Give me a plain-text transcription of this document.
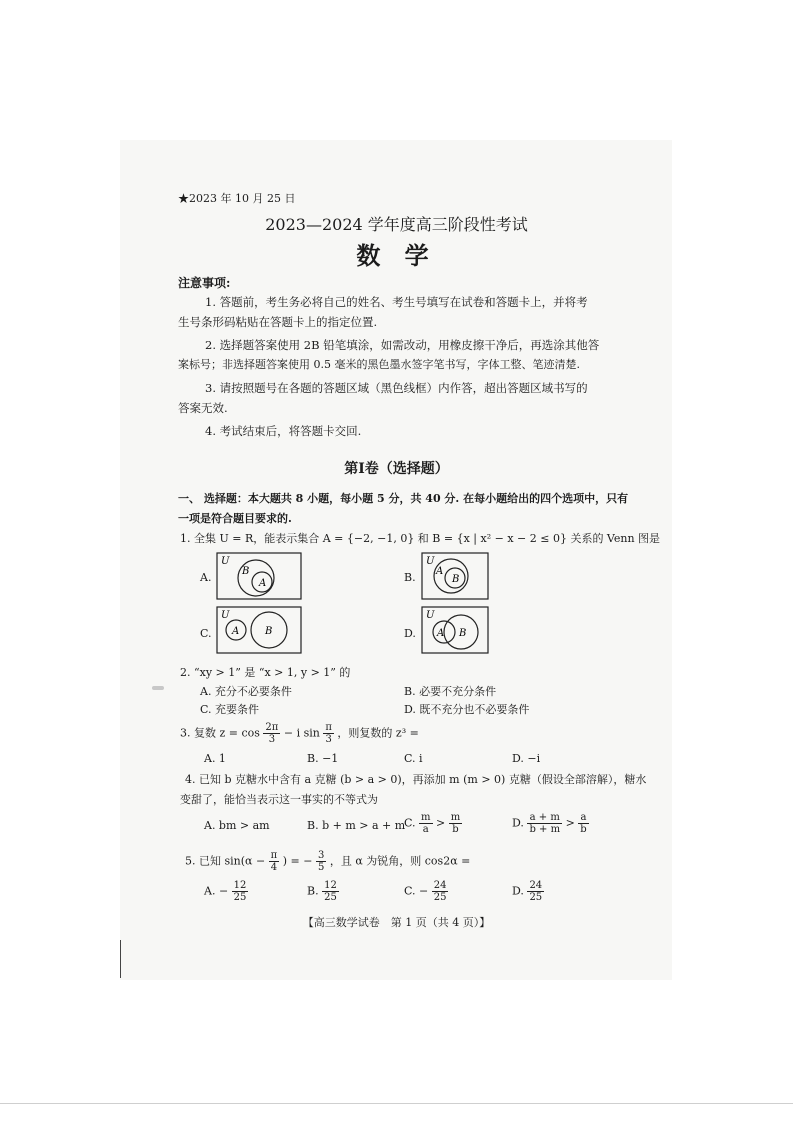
★2023 年 10 月 25 日
2023—2024 学年度高三阶段性考试
数 学
注意事项:
1. 答题前，考生务必将自己的姓名、考生号填写在试卷和答题卡上，并将考
生号条形码粘贴在答题卡上的指定位置.
2. 选择题答案使用 2B 铅笔填涂，如需改动，用橡皮擦干净后，再选涂其他答
案标号；非选择题答案使用 0.5 毫米的黑色墨水签字笔书写，字体工整、笔迹清楚.
3. 请按照题号在各题的答题区域（黑色线框）内作答，超出答题区域书写的
答案无效.
4. 考试结束后，将答题卡交回.
第Ⅰ卷（选择题）
一、 选择题：本大题共 8 小题，每小题 5 分，共 40 分. 在每小题给出的四个选项中，只有
一项是符合题目要求的.
1. 全集 U = R，能表示集合 A = {−2, −1, 0} 和 B = {x | x² − x − 2 ≤ 0} 关系的 Venn 图是
A.
U
B
A	B.
U
A
B
C.
U
A	B	D.
U
A B
2. “xy > 1” 是 “x > 1, y > 1” 的
A. 充分不必要条件	B. 必要不充分条件
C. 充要条件	D. 既不充分也不必要条件
3. 复数 $z = \cos \frac{2\pi}{3} - i$ $\sin \frac{\pi}{3}$ ，则复数的 z³ =
A. 1	B. −1	C. i	D. −i
4. 已知 b 克糖水中含有 a 克糖 (b > a > 0)，再添加 m (m > 0) 克糖（假设全部溶解），糖水
变甜了，能恰当表示这一事实的不等式为
A. bm > am	B. b + m > a + m
C. $\frac{m}{a} > \frac{m}{b}$	D. $\frac{a + m}{b + m} > \frac{a}{b}$
5. 已知 $\sin(\alpha - \frac{\pi}{4}$ ) = − $\frac{3}{5}$ ，且 α 为锐角，则 cos2α =
A. − $\frac{12}{25}$	B. $\frac{12}{25}$	C. − $\frac{24}{25}$	D. $\frac{24}{25}$
【高三数学试卷　第 1 页（共 4 页）】
